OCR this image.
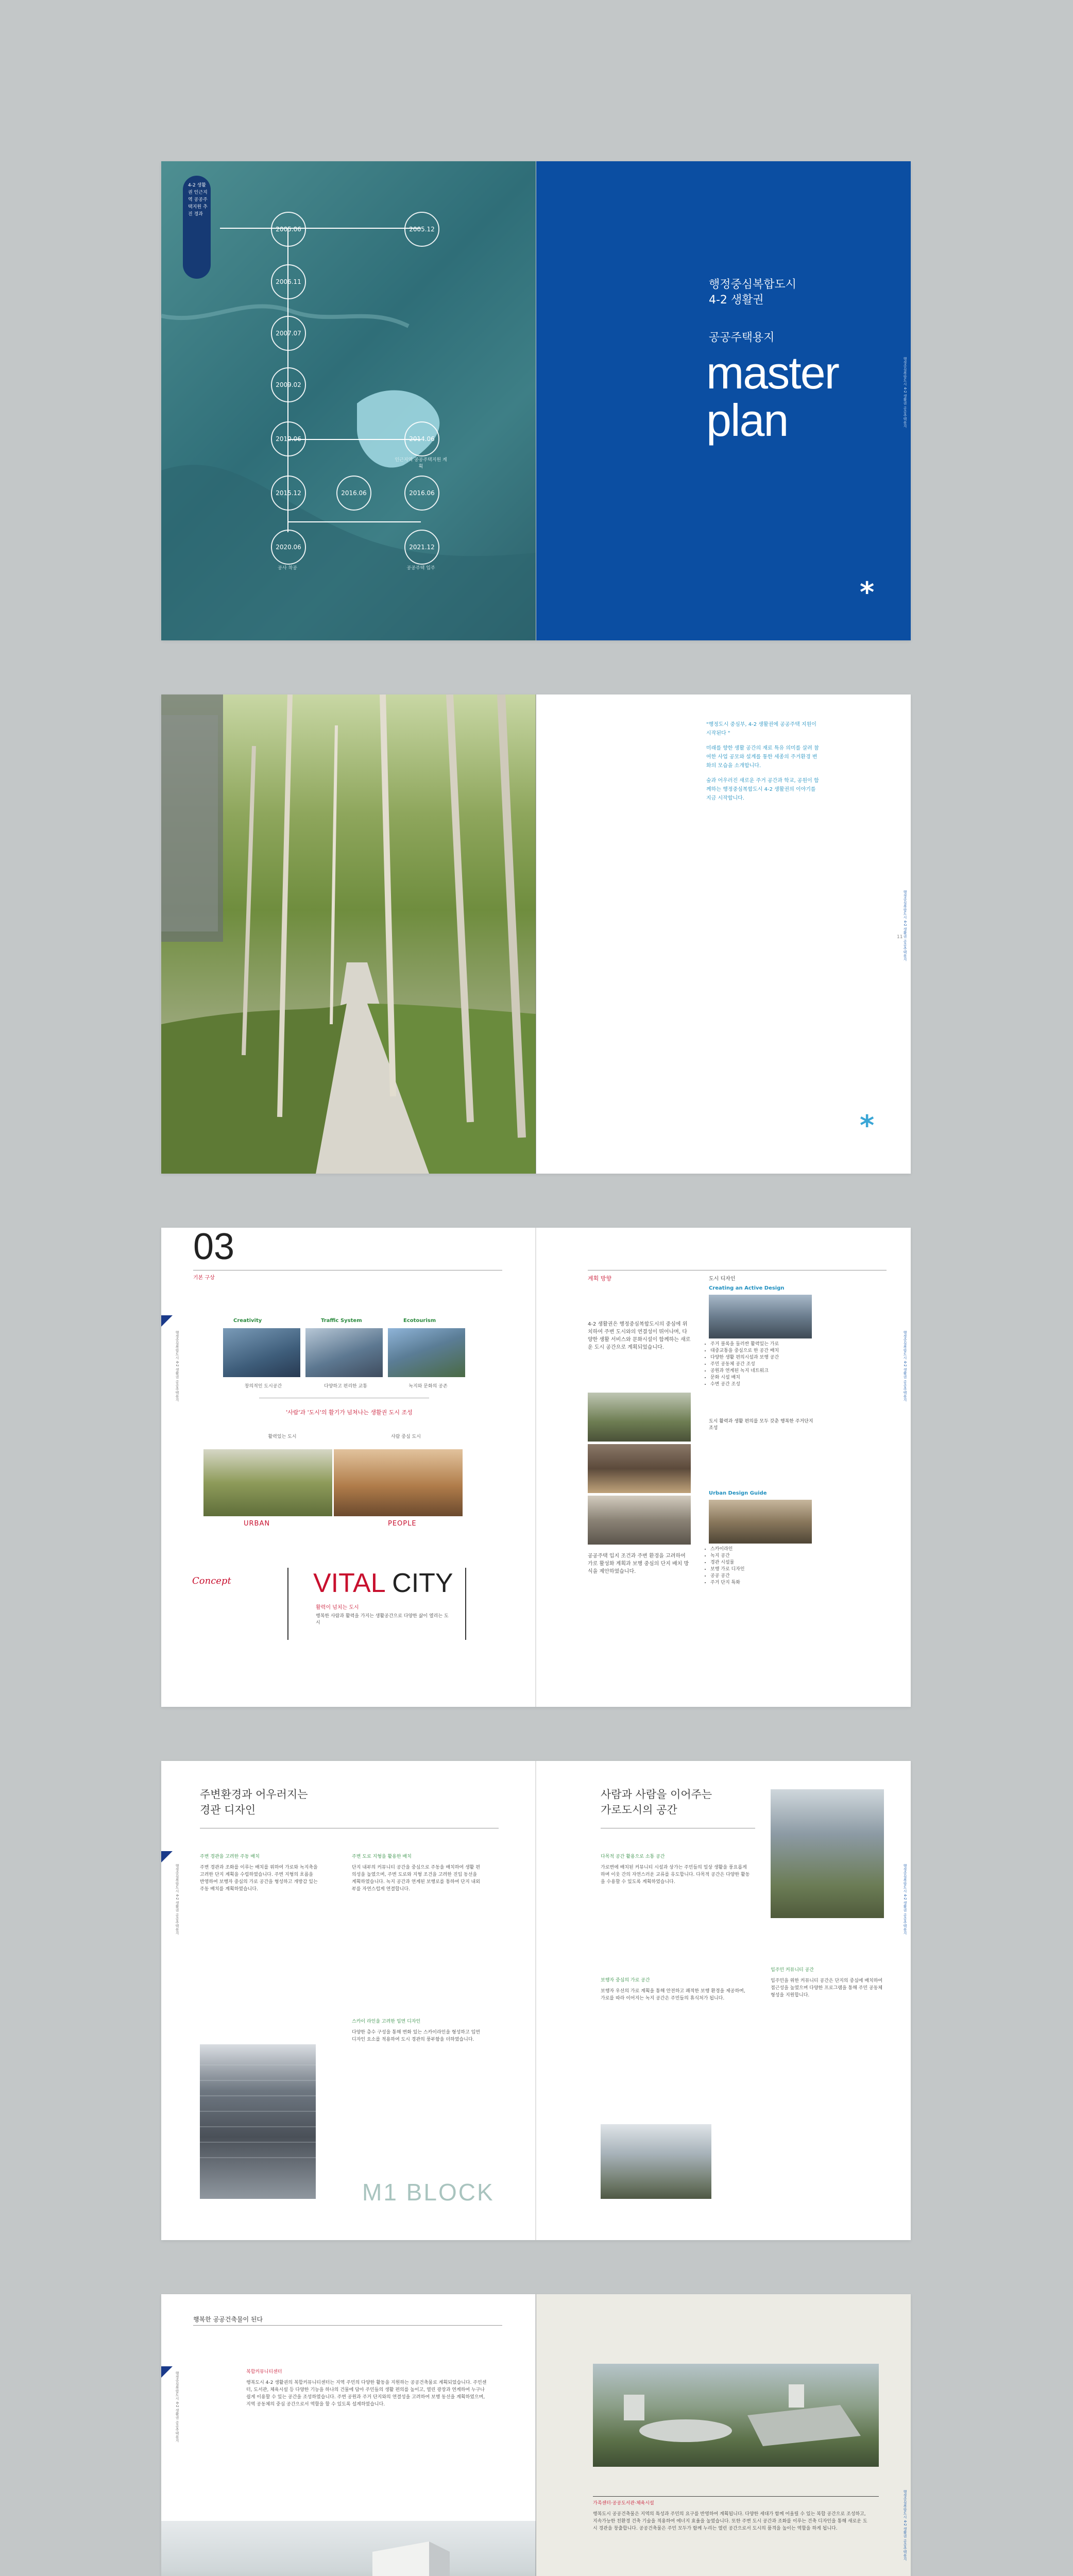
4-2 생활권 인근지역 공공주택지원 추진 경과
2005.06	2005.12
2006.11
2007.07
2009.02
2010.06	2014.06
인근지역 공공주택지원 계획
2015.12	2016.06	2016.06
2020.06
공사 착공
2021.12
공공주택 입주
행정중심복합도시
4-2 생활권
공공주택용지
master
plan
*
행정중심복합도시 4-2 생활권 공공주택용지

"행정도시 중심부, 4-2 생활권에 공공주택 지원이 시작된다 "

미래를 향한 생활 공간의 재료 특유 의미를 살려 참여한 사업 공모와 설계를 통한 세종의 주거환경 변화의 모습을 소개합니다.

숲과 어우러진 새로운 주거 공간과 학교, 공원이 함께하는 행정중심복합도시 4-2 생활권의 이야기를 지금 시작합니다.

*
행정중심복합도시 4-2 생활권 공공주택용지
11
03
기본 구상
행정중심복합도시 4-2 생활권 공공주택용지
Creativity	Traffic System	Ecotourism
창의적인 도시공간	다양하고 편리한 교통	녹지와 문화의 공존
'사람'과 '도시'의 활기가 넘쳐나는 생활권 도시 조성
활력있는 도시	사람 중심 도시
URBAN	PEOPLE
Concept	VITAL CITY
활력이 넘치는 도시
행복한 사람과 활력을 가지는 생활공간으로 다양한 삶이 열리는 도시
계획 방향
4-2 생활권은 행정중심복합도시의 중심에 위치하여 주변 도시와의 연결성이 뛰어나며, 다양한 생활 서비스와 문화시설이 함께하는 새로운 도시 공간으로 계획되었습니다.
공공주택 입지 조건과 주변 환경을 고려하여 가로 활성화 계획과 보행 중심의 단지 배치 방식을 제안하였습니다.
도시 디자인
Creating an Active Design
• 주거 블록을 둘러싼 활력있는 가로
• 대중교통을 중심으로 한 공간 배치
• 다양한 생활 편의시설과 보행 공간
• 주민 공동체 공간 조성
• 공원과 연계된 녹지 네트워크
• 문화 시설 배치
• 수변 공간 조성
도시 활력과 생활 편의를 모두 갖춘 행복한 주거단지 조성
Urban Design Guide
• 스카이라인
• 녹지 공간
• 경관 시설물
• 보행 가로 디자인
• 공공 공간
• 주거 단지 특화
행정중심복합도시 4-2 생활권 공공주택용지
주변환경과 어우러지는
경관 디자인
행정중심복합도시 4-2 생활권 공공주택용지
주변 경관을 고려한 주동 배치
주변 경관과 조화를 이루는 배치를 위하여 가로와 녹지축을 고려한 단지 계획을 수립하였습니다. 주변 지형의 흐름을 반영하여 보행자 중심의 가로 공간을 형성하고 개방감 있는 주동 배치를 계획하였습니다.
주변 도로 지형을 활용한 배치
단지 내부의 커뮤니티 공간을 중심으로 주동을 배치하여 생활 편의성을 높였으며, 주변 도로와 지형 조건을 고려한 진입 동선을 계획하였습니다. 녹지 공간과 연계된 보행로를 통하여 단지 내외부를 자연스럽게 연결합니다.
스카이 라인을 고려한 입면 디자인
다양한 층수 구성을 통해 변화 있는 스카이라인을 형성하고 입면 디자인 요소를 적용하여 도시 경관의 풍부함을 더하였습니다.
M1 BLOCK
사람과 사람을 이어주는
가로도시의 공간
다목적 공간 활용으로 소통 공간
가로변에 배치된 커뮤니티 시설과 상가는 주민들의 일상 생활을 풍요롭게 하며 이웃 간의 자연스러운 교류를 유도합니다. 다목적 공간은 다양한 활동을 수용할 수 있도록 계획하였습니다.
보행자 중심의 가로 공간
보행자 우선의 가로 계획을 통해 안전하고 쾌적한 보행 환경을 제공하며, 가로를 따라 이어지는 녹지 공간은 주민들의 휴식처가 됩니다.
입주민 커뮤니티 공간
입주민을 위한 커뮤니티 공간은 단지의 중심에 배치하여 접근성을 높였으며 다양한 프로그램을 통해 주민 공동체 형성을 지원합니다.
행정중심복합도시 4-2 생활권 공공주택용지
행복한 공공건축물이 된다
행정중심복합도시 4-2 생활권 공공주택용지	복합커뮤니티센터
행복도시 4-2 생활권의 복합커뮤니티센터는 지역 주민의 다양한 활동을 지원하는 공공건축물로 계획되었습니다. 주민센터, 도서관, 체육시설 등 다양한 기능을 하나의 건물에 담아 주민들의 생활 편의를 높이고, 열린 광장과 연계하여 누구나 쉽게 이용할 수 있는 공간을 조성하였습니다. 주변 공원과 주거 단지와의 연결성을 고려하여 보행 동선을 계획하였으며, 지역 공동체의 중심 공간으로서 역할을 할 수 있도록 설계하였습니다.
가족센터·공공도서관·체육시설
행복도시 공공건축물은 지역의 특성과 주민의 요구를 반영하여 계획됩니다. 다양한 세대가 함께 어울릴 수 있는 복합 공간으로 조성하고, 지속가능한 친환경 건축 기술을 적용하여 에너지 효율을 높였습니다. 또한 주변 도시 공간과 조화를 이루는 건축 디자인을 통해 새로운 도시 경관을 창출합니다. 공공건축물은 주민 모두가 함께 누리는 열린 공간으로서 도시의 품격을 높이는 역할을 하게 됩니다.	행정중심복합도시 4-2 생활권 공공주택용지
